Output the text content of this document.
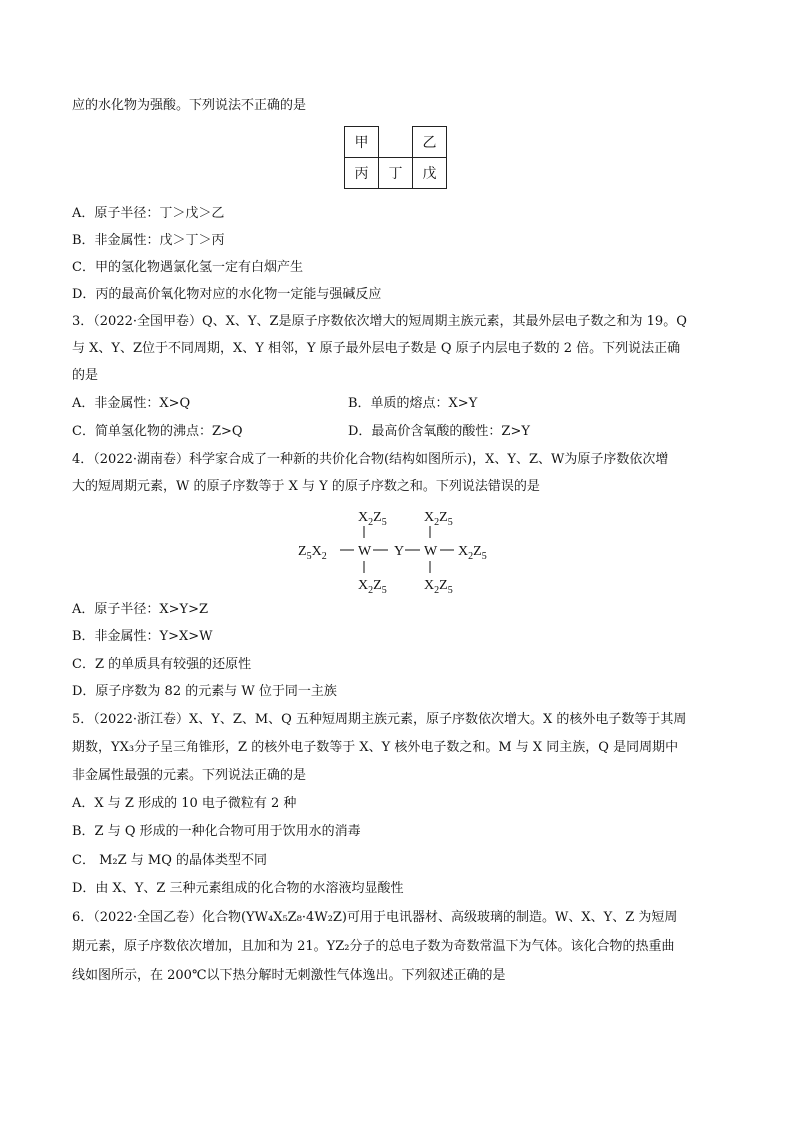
应的水化物为强酸。下列说法不正确的是
甲		乙
丙	丁	戊
A．原子半径：丁＞戊＞乙
B．非金属性：戊＞丁＞丙
C．甲的氢化物遇氯化氢一定有白烟产生
D．丙的最高价氧化物对应的水化物一定能与强碱反应
3．（2022·全国甲卷）Q、X、Y、Z是原子序数依次增大的短周期主族元素，其最外层电子数之和为 19。Q
与 X、Y、Z位于不同周期，X、Y 相邻，Y 原子最外层电子数是 Q 原子内层电子数的 2 倍。下列说法正确
的是
A．非金属性：X>Q	B．单质的熔点：X>Y
C．简单氢化物的沸点：Z>Q	D．最高价含氧酸的酸性：Z>Y
4．（2022·湖南卷）科学家合成了一种新的共价化合物(结构如图所示)，X、Y、Z、W为原子序数依次增
大的短周期元素，W 的原子序数等于 X 与 Y 的原子序数之和。下列说法错误的是
$X_2Z_5$	$X_2Z_5$
$Z_5X_2$ W Y W $X_2Z_5$
$X_2Z_5$	$X_2Z_5$
A．原子半径：X>Y>Z
B．非金属性：Y>X>W
C．Z 的单质具有较强的还原性
D．原子序数为 82 的元素与 W 位于同一主族
5．（2022·浙江卷）X、Y、Z、M、Q 五种短周期主族元素，原子序数依次增大。X 的核外电子数等于其周
期数，YX₃分子呈三角锥形，Z 的核外电子数等于 X、Y 核外电子数之和。M 与 X 同主族，Q 是同周期中
非金属性最强的元素。下列说法正确的是
A．X 与 Z 形成的 10 电子微粒有 2 种
B．Z 与 Q 形成的一种化合物可用于饮用水的消毒
C． M₂Z 与 MQ 的晶体类型不同
D．由 X、Y、Z 三种元素组成的化合物的水溶液均显酸性
6．（2022·全国乙卷）化合物(YW₄X₅Z₈·4W₂Z)可用于电讯器材、高级玻璃的制造。W、X、Y、Z 为短周
期元素，原子序数依次增加，且加和为 21。YZ₂分子的总电子数为奇数常温下为气体。该化合物的热重曲
线如图所示，在 200℃以下热分解时无刺激性气体逸出。下列叙述正确的是
